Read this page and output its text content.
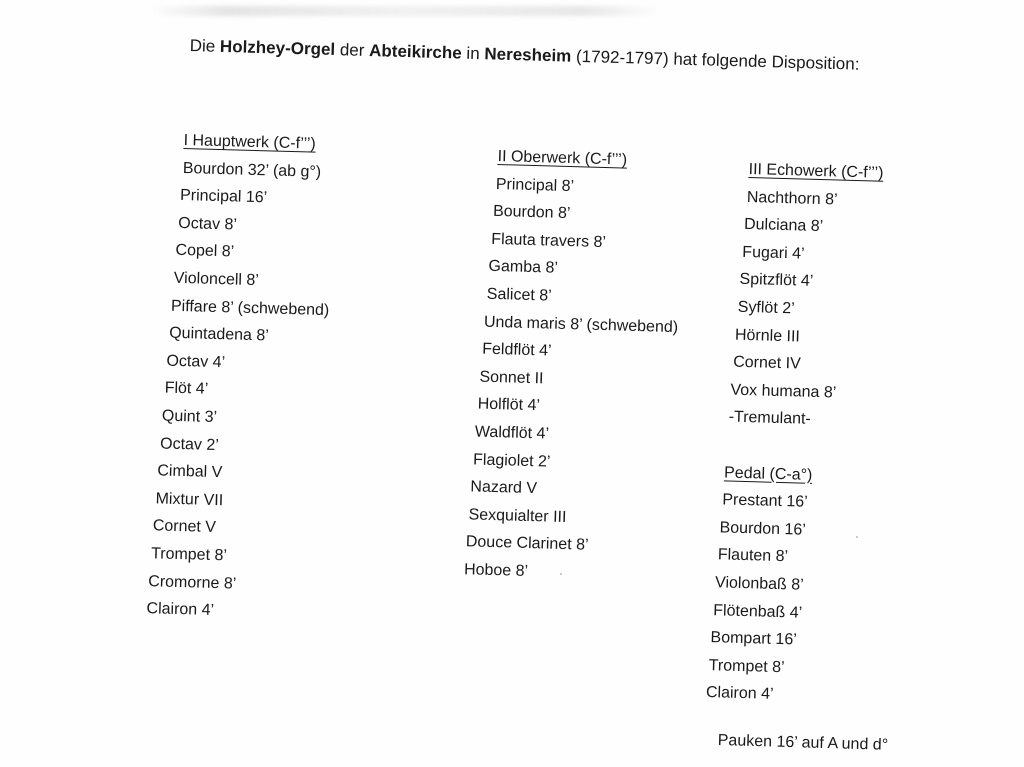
Die Holzhey-Orgel der Abteikirche in Neresheim (1792-1797) hat folgende Disposition:
I Hauptwerk (C-f’’’)
Bourdon 32’ (ab g°)
Principal 16’
Octav 8’
Copel 8’
Violoncell 8’
Piffare 8’ (schwebend)
Quintadena 8’
Octav 4’
Flöt 4’
Quint 3’
Octav 2’
Cimbal V
Mixtur VII
Cornet V
Trompet 8’
Cromorne 8’
Clairon 4’
II Oberwerk (C-f’’’)
Principal 8’
Bourdon 8’
Flauta travers 8’
Gamba 8’
Salicet 8’
Unda maris 8’ (schwebend)
Feldflöt 4’
Sonnet II
Holflöt 4’
Waldflöt 4’
Flagiolet 2’
Nazard V
Sexquialter III
Douce Clarinet 8’
Hoboe 8’
III Echowerk (C-f’’’)
Nachthorn 8’
Dulciana 8’
Fugari 4’
Spitzflöt 4’
Syflöt 2’
Hörnle III
Cornet IV
Vox humana 8’
-Tremulant-
Pedal (C-a°)
Prestant 16’
Bourdon 16’
Flauten 8’
Violonbaß 8’
Flötenbaß 4’
Bompart 16’
Trompet 8’
Clairon 4’
Pauken 16’ auf A und d°
